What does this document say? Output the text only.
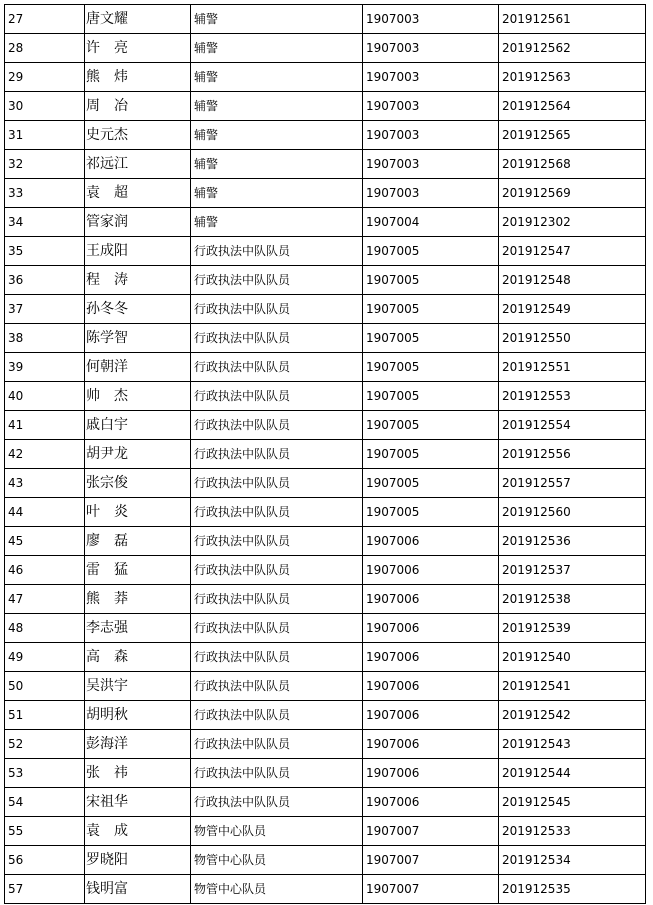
27	唐文耀	辅警	1907003	201912561
28	许　亮	辅警	1907003	201912562
29	熊　炜	辅警	1907003	201912563
30	周　冶	辅警	1907003	201912564
31	史元杰	辅警	1907003	201912565
32	祁远江	辅警	1907003	201912568
33	袁　超	辅警	1907003	201912569
34	管家润	辅警	1907004	201912302
35	王成阳	行政执法中队队员	1907005	201912547
36	程　涛	行政执法中队队员	1907005	201912548
37	孙冬冬	行政执法中队队员	1907005	201912549
38	陈学智	行政执法中队队员	1907005	201912550
39	何朝洋	行政执法中队队员	1907005	201912551
40	帅　杰	行政执法中队队员	1907005	201912553
41	戚白宇	行政执法中队队员	1907005	201912554
42	胡尹龙	行政执法中队队员	1907005	201912556
43	张宗俊	行政执法中队队员	1907005	201912557
44	叶　炎	行政执法中队队员	1907005	201912560
45	廖　磊	行政执法中队队员	1907006	201912536
46	雷　猛	行政执法中队队员	1907006	201912537
47	熊　莽	行政执法中队队员	1907006	201912538
48	李志强	行政执法中队队员	1907006	201912539
49	高　森	行政执法中队队员	1907006	201912540
50	吴洪宇	行政执法中队队员	1907006	201912541
51	胡明秋	行政执法中队队员	1907006	201912542
52	彭海洋	行政执法中队队员	1907006	201912543
53	张　祎	行政执法中队队员	1907006	201912544
54	宋祖华	行政执法中队队员	1907006	201912545
55	袁　成	物管中心队员	1907007	201912533
56	罗晓阳	物管中心队员	1907007	201912534
57	钱明富	物管中心队员	1907007	201912535
